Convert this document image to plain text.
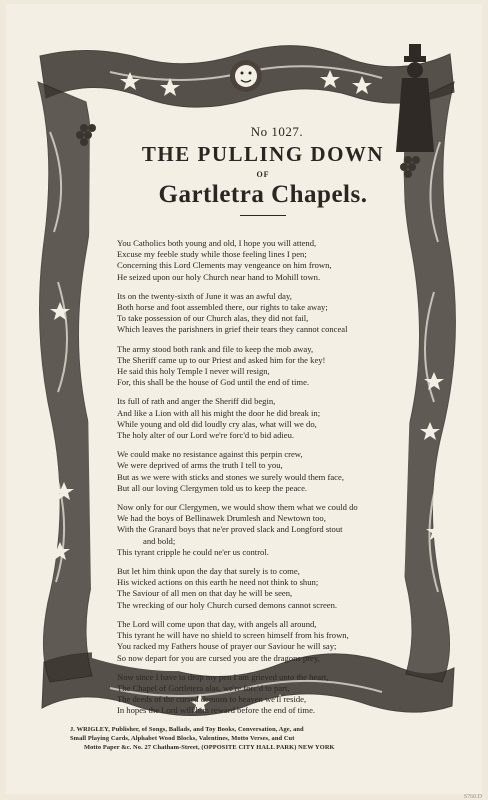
No 1027.

THE PULLING DOWN

OF

Gartletra Chapels.

You Catholics both young and old, I hope you will attend,
Excuse my feeble study while those feeling lines I pen;
Concerning this Lord Clements may vengeance on him frown,
He seized upon our holy Church near hand to Mohill town.
Its on the twenty-sixth of June it was an awful day,
Both horse and foot assembled there, our rights to take away;
To take possession of our Church alas, they did not fail,
Which leaves the parishners in grief their tears they cannot conceal
The army stood both rank and file to keep the mob away,
The Sheriff came up to our Priest and asked him for the key!
He said this holy Temple I never will resign,
For, this shall be the house of God until the end of time.
Its full of rath and anger the Sheriff did begin,
And like a Lion with all his might the door he did break in;
While young and old did loudly cry alas, what will we do,
The holy alter of our Lord we're forc'd to bid adieu.
We could make no resistance against this perpin crew,
We were deprived of arms the truth I tell to you,
But as we were with sticks and stones we surely would them face,
But all our loving Clergymen told us to keep the peace.
Now only for our Clergymen, we would show them what we could do
We had the boys of Bellinawek Drumlesh and Newtown too,
With the Granard boys that ne'er proved slack and Longford stout
and bold;
This tyrant cripple he could ne'er us control.
But let him think upon the day that surely is to come,
His wicked actions on this earth he need not think to shun;
The Saviour of all men on that day he will be seen,
The wrecking of our holy Church cursed demons cannot screen.
The Lord will come upon that day, with angels all around,
This tyrant he will have no shield to screen himself from his frown,
You racked my Fathers house of prayer our Saviour he will say;
So now depart for you are cursed you are the dragons prey,
Now since I have to drop my pen I am grieved unto the heart,
The Chapel of Gortletera alas, we're forc'd to part,
The deeds of the cursed demons to heaven we'll reside,
In hopes the Lord will him reward before the end of time.
J. WRIGLEY, Publisher, of Songs, Ballads, and Toy Books, Conversation, Age, and
Small Playing Cards, Alphabet Wood Blocks, Valentines, Motto Verses, and Cut
Motto Paper &c. No. 27 Chatham-Street, (OPPOSITE CITY HALL PARK) NEW YORK
S760.D
